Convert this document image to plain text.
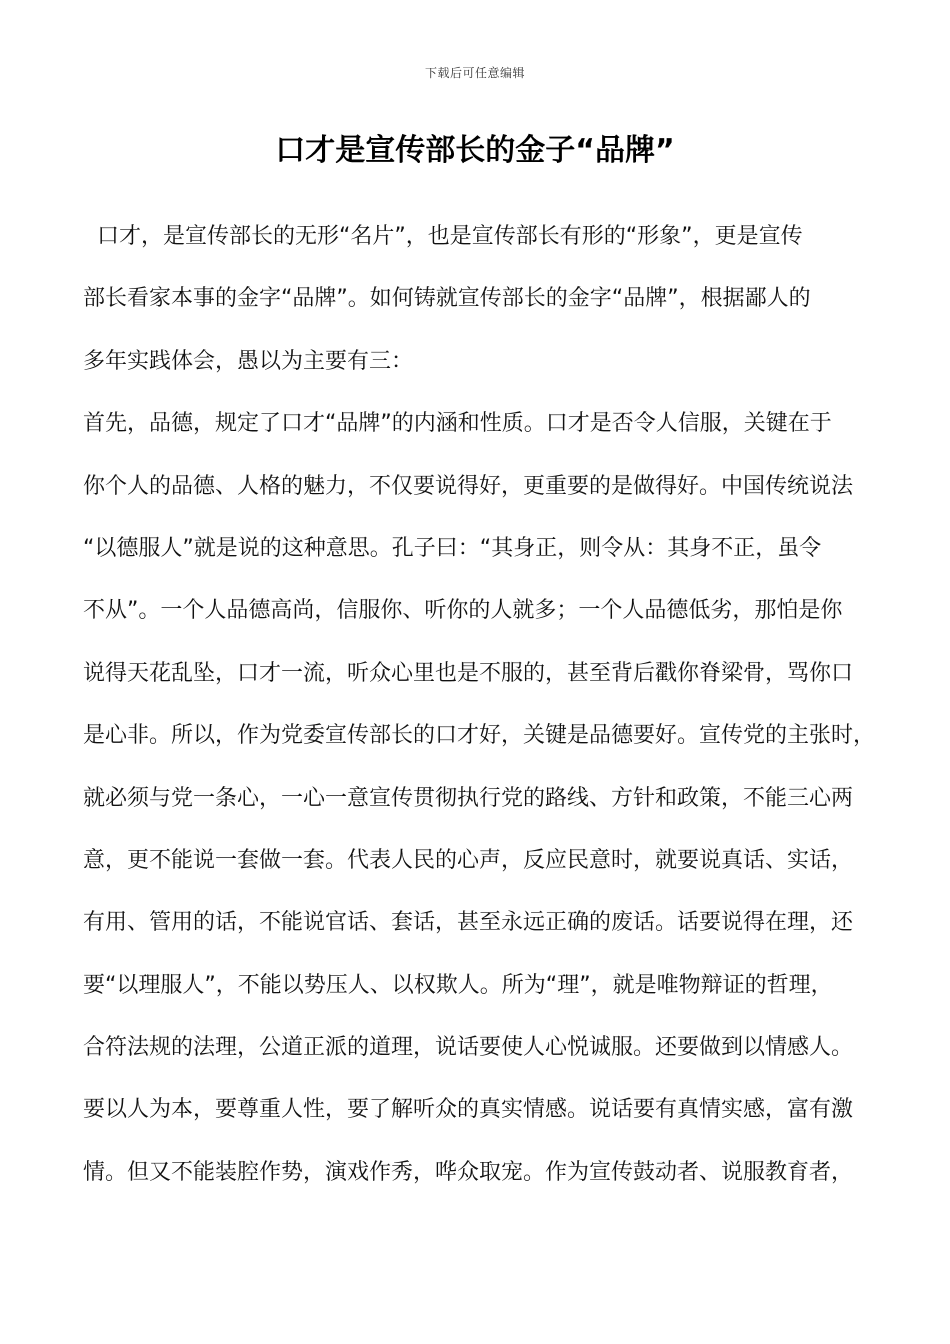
下载后可任意编辑
口才是宣传部长的金子“品牌”
口才，是宣传部长的无形“名片”，也是宣传部长有形的“形象”，更是宣传
部长看家本事的金字“品牌”。如何铸就宣传部长的金字“品牌”，根据鄙人的
多年实践体会，愚以为主要有三：
首先，品德，规定了口才“品牌”的内涵和性质。口才是否令人信服，关键在于
你个人的品德、人格的魅力，不仅要说得好，更重要的是做得好。中国传统说法
“以德服人”就是说的这种意思。孔子曰：“其身正，则令从：其身不正，虽令
不从”。一个人品德高尚，信服你、听你的人就多；一个人品德低劣，那怕是你
说得天花乱坠，口才一流，听众心里也是不服的，甚至背后戳你脊梁骨，骂你口
是心非。所以，作为党委宣传部长的口才好，关键是品德要好。宣传党的主张时，
就必须与党一条心，一心一意宣传贯彻执行党的路线、方针和政策，不能三心两
意，更不能说一套做一套。代表人民的心声，反应民意时，就要说真话、实话，
有用、管用的话，不能说官话、套话，甚至永远正确的废话。话要说得在理，还
要“以理服人”，不能以势压人、以权欺人。所为“理”，就是唯物辩证的哲理，
合符法规的法理，公道正派的道理，说话要使人心悦诚服。还要做到以情感人。
要以人为本，要尊重人性，要了解听众的真实情感。说话要有真情实感，富有激
情。但又不能装腔作势，演戏作秀，哗众取宠。作为宣传鼓动者、说服教育者，
